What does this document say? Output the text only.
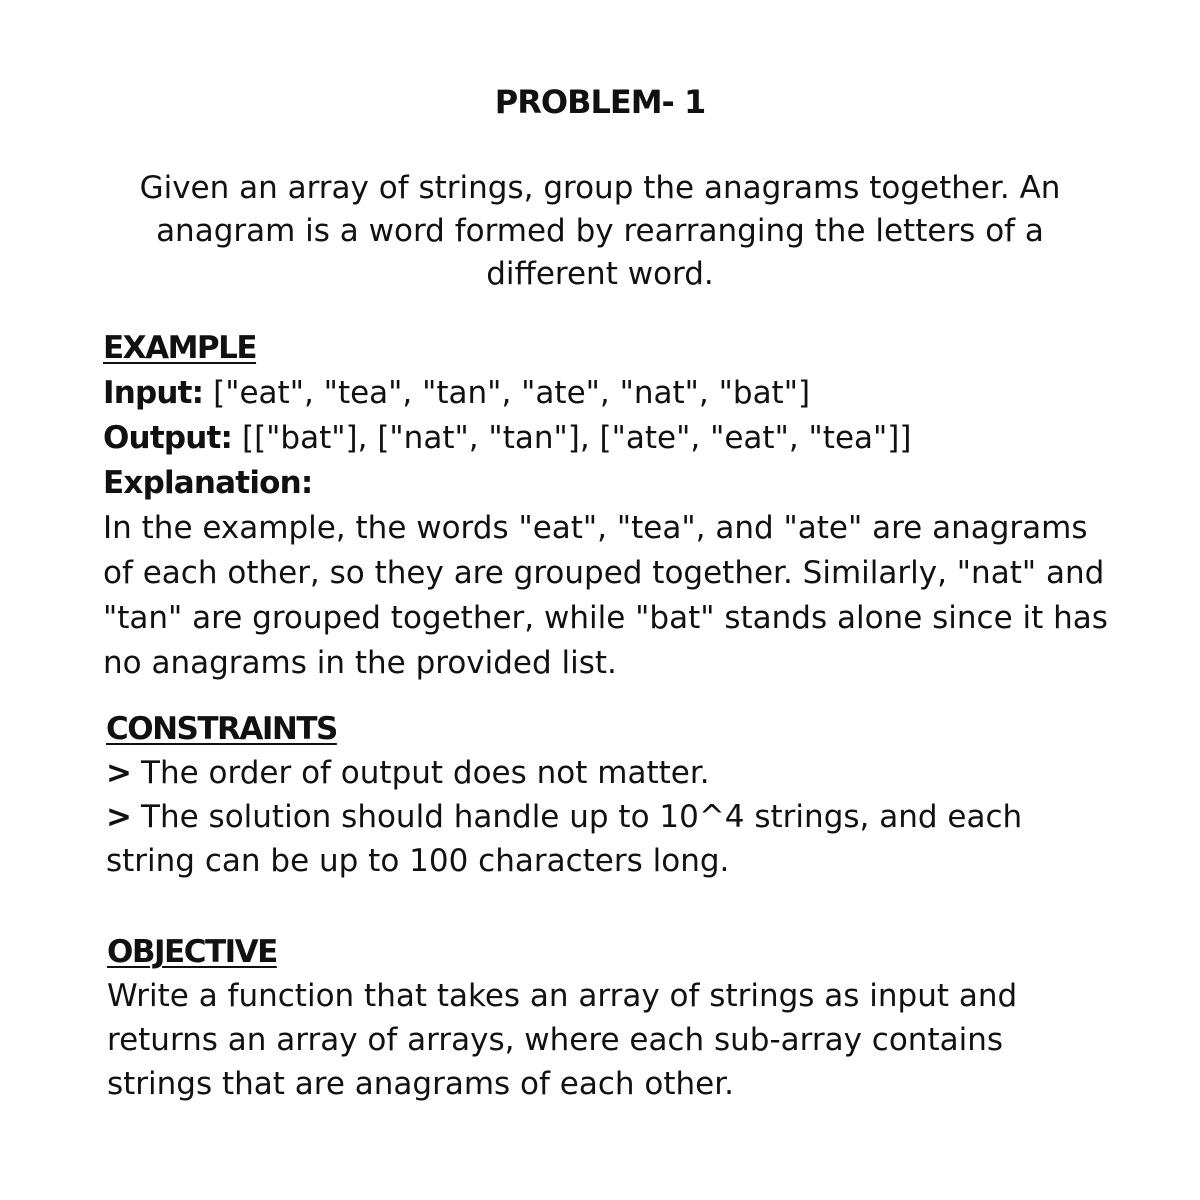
PROBLEM- 1
Given an array of strings, group the anagrams together. An anagram is a word formed by rearranging the letters of a different word.
EXAMPLE
Input: ["eat", "tea", "tan", "ate", "nat", "bat"]
Output: [["bat"], ["nat", "tan"], ["ate", "eat", "tea"]]
Explanation:
In the example, the words "eat", "tea", and "ate" are anagrams of each other, so they are grouped together. Similarly, "nat" and "tan" are grouped together, while "bat" stands alone since it has no anagrams in the provided list.
CONSTRAINTS
> The order of output does not matter.
> The solution should handle up to 10^4 strings, and each string can be up to 100 characters long.
OBJECTIVE
Write a function that takes an array of strings as input and returns an array of arrays, where each sub-array contains strings that are anagrams of each other.
